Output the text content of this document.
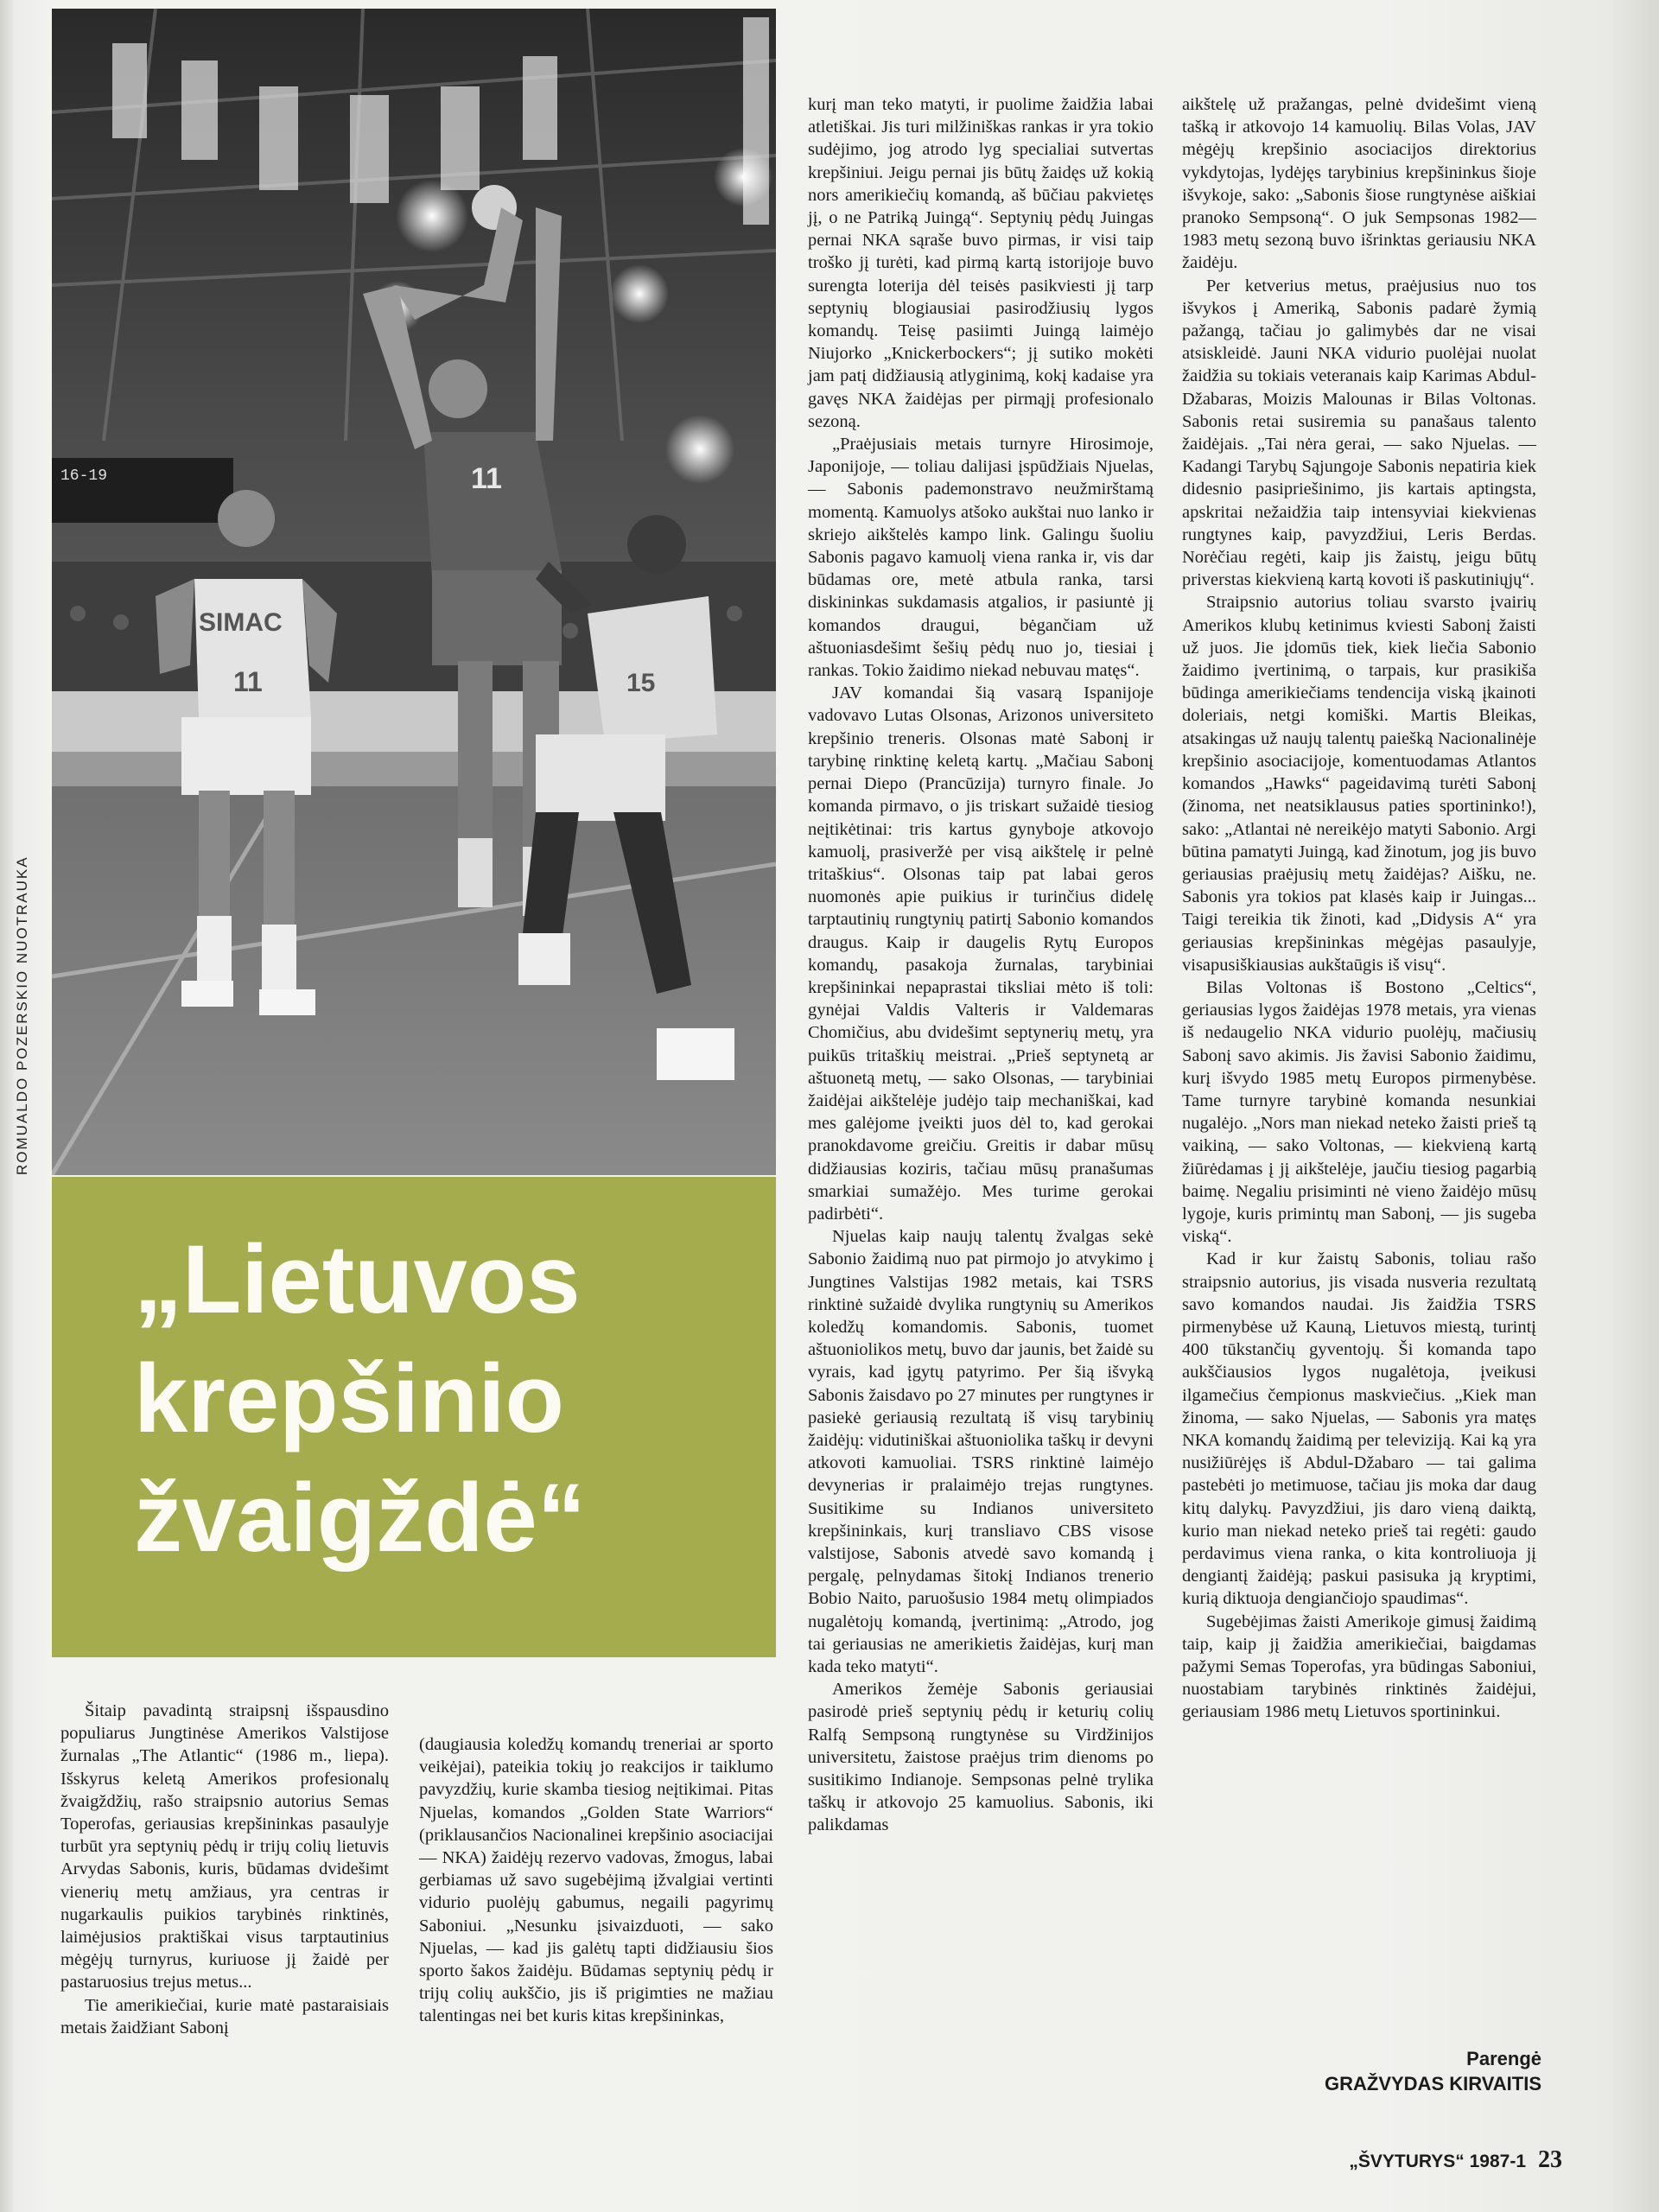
16-19
SIMAC
11
11
15
ROMUALDO POZERSKIO NUOTRAUKA
„Lietuvos
krepšinio
žvaigždė“

Šitaip pavadintą straipsnį išspausdino populiarus Jungtinėse Amerikos Valstijose žurnalas „The Atlantic“ (1986 m., liepa). Išskyrus keletą Amerikos profesionalų žvaigždžių, rašo straipsnio autorius Semas Toperofas, geriausias krepšininkas pasaulyje turbūt yra septynių pėdų ir trijų colių lietuvis Arvydas Sabonis, kuris, būdamas dvidešimt vienerių metų amžiaus, yra centras ir nugarkaulis puikios tarybinės rinktinės, laimėjusios praktiškai visus tarptautinius mėgėjų turnyrus, kuriuose jį žaidė per pastaruosius trejus metus...

Tie amerikiečiai, kurie matė pastaraisiais metais žaidžiant Sabonį

(daugiausia koledžų komandų treneriai ar sporto veikėjai), pateikia tokių jo reakcijos ir taiklumo pavyzdžių, kurie skamba tiesiog neįtikimai. Pitas Njuelas, komandos „Golden State Warriors“ (priklausančios Nacionalinei krepšinio asociacijai — NKA) žaidėjų rezervo vadovas, žmogus, labai gerbiamas už savo sugebėjimą įžvalgiai vertinti vidurio puolėjų gabumus, negaili pagyrimų Saboniui. „Nesunku įsivaizduoti, — sako Njuelas, — kad jis galėtų tapti didžiausiu šios sporto šakos žaidėju. Būdamas septynių pėdų ir trijų colių aukščio, jis iš prigimties ne mažiau talentingas nei bet kuris kitas krepšininkas,

kurį man teko matyti, ir puolime žaidžia labai atletiškai. Jis turi milžiniškas rankas ir yra tokio sudėjimo, jog atrodo lyg specialiai sutvertas krepšiniui. Jeigu pernai jis būtų žaidęs už kokią nors amerikiečių komandą, aš būčiau pakvietęs jį, o ne Patriką Juingą“. Septynių pėdų Juingas pernai NKA sąraše buvo pirmas, ir visi taip troško jį turėti, kad pirmą kartą istorijoje buvo surengta loterija dėl teisės pasikviesti jį tarp septynių blogiausiai pasirodžiusių lygos komandų. Teisę pasiimti Juingą laimėjo Niujorko „Knickerbockers“; jį sutiko mokėti jam patį didžiausią atlyginimą, kokį kadaise yra gavęs NKA žaidėjas per pirmąjį profesionalo sezoną.

„Praėjusiais metais turnyre Hirosimoje, Japonijoje, — toliau dalijasi įspūdžiais Njuelas, — Sabonis pademonstravo neužmirštamą momentą. Kamuolys atšoko aukštai nuo lanko ir skriejo aikštelės kampo link. Galingu šuoliu Sabonis pagavo kamuolį viena ranka ir, vis dar būdamas ore, metė atbula ranka, tarsi diskininkas sukdamasis atgalios, ir pasiuntė jį komandos draugui, bėgančiam už aštuoniasdešimt šešių pėdų nuo jo, tiesiai į rankas. Tokio žaidimo niekad nebuvau matęs“.

JAV komandai šią vasarą Ispanijoje vadovavo Lutas Olsonas, Arizonos universiteto krepšinio treneris. Olsonas matė Sabonį ir tarybinę rinktinę keletą kartų. „Mačiau Sabonį pernai Diepo (Prancūzija) turnyro finale. Jo komanda pirmavo, o jis triskart sužaidė tiesiog neįtikėtinai: tris kartus gynyboje atkovojo kamuolį, prasiveržė per visą aikštelę ir pelnė tritaškius“. Olsonas taip pat labai geros nuomonės apie puikius ir turinčius didelę tarptautinių rungtynių patirtį Sabonio komandos draugus. Kaip ir daugelis Rytų Europos komandų, pasakoja žurnalas, tarybiniai krepšininkai nepaprastai tiksliai mėto iš toli: gynėjai Valdis Valteris ir Valdemaras Chomičius, abu dvidešimt septynerių metų, yra puikūs tritaškių meistrai. „Prieš septynetą ar aštuonetą metų, — sako Olsonas, — tarybiniai žaidėjai aikštelėje judėjo taip mechaniškai, kad mes galėjome įveikti juos dėl to, kad gerokai pranokdavome greičiu. Greitis ir dabar mūsų didžiausias koziris, tačiau mūsų pranašumas smarkiai sumažėjo. Mes turime gerokai padirbėti“.

Njuelas kaip naujų talentų žvalgas sekė Sabonio žaidimą nuo pat pirmojo jo atvykimo į Jungtines Valstijas 1982 metais, kai TSRS rinktinė sužaidė dvylika rungtynių su Amerikos koledžų komandomis. Sabonis, tuomet aštuoniolikos metų, buvo dar jaunis, bet žaidė su vyrais, kad įgytų patyrimo. Per šią išvyką Sabonis žaisdavo po 27 minutes per rungtynes ir pasiekė geriausią rezultatą iš visų tarybinių žaidėjų: vidutiniškai aštuoniolika taškų ir devyni atkovoti kamuoliai. TSRS rinktinė laimėjo devynerias ir pralaimėjo trejas rungtynes. Susitikime su Indianos universiteto krepšininkais, kurį transliavo CBS visose valstijose, Sabonis atvedė savo komandą į pergalę, pelnydamas šitokį Indianos trenerio Bobio Naito, paruošusio 1984 metų olimpiados nugalėtojų komandą, įvertinimą: „Atrodo, jog tai geriausias ne amerikietis žaidėjas, kurį man kada teko matyti“.

Amerikos žemėje Sabonis geriausiai pasirodė prieš septynių pėdų ir keturių colių Ralfą Sempsoną rungtynėse su Virdžinijos universitetu, žaistose praėjus trim dienoms po susitikimo Indianoje. Sempsonas pelnė trylika taškų ir atkovojo 25 kamuolius. Sabonis, iki palikdamas

aikštelę už pražangas, pelnė dvidešimt vieną tašką ir atkovojo 14 kamuolių. Bilas Volas, JAV mėgėjų krepšinio asociacijos direktorius vykdytojas, lydėjęs tarybinius krepšininkus šioje išvykoje, sako: „Sabonis šiose rungtynėse aiškiai pranoko Sempsoną“. O juk Sempsonas 1982—1983 metų sezoną buvo išrinktas geriausiu NKA žaidėju.

Per ketverius metus, praėjusius nuo tos išvykos į Ameriką, Sabonis padarė žymią pažangą, tačiau jo galimybės dar ne visai atsiskleidė. Jauni NKA vidurio puolėjai nuolat žaidžia su tokiais veteranais kaip Karimas Abdul-Džabaras, Moizis Malounas ir Bilas Voltonas. Sabonis retai susiremia su panašaus talento žaidėjais. „Tai nėra gerai, — sako Njuelas. — Kadangi Tarybų Sąjungoje Sabonis nepatiria kiek didesnio pasipriešinimo, jis kartais aptingsta, apskritai nežaidžia taip intensyviai kiekvienas rungtynes kaip, pavyzdžiui, Leris Berdas. Norėčiau regėti, kaip jis žaistų, jeigu būtų priverstas kiekvieną kartą kovoti iš paskutiniųjų“.

Straipsnio autorius toliau svarsto įvairių Amerikos klubų ketinimus kviesti Sabonį žaisti už juos. Jie įdomūs tiek, kiek liečia Sabonio žaidimo įvertinimą, o tarpais, kur prasikiša būdinga amerikiečiams tendencija viską įkainoti doleriais, netgi komiški. Martis Bleikas, atsakingas už naujų talentų paiešką Nacionalinėje krepšinio asociacijoje, komentuodamas Atlantos komandos „Hawks“ pageidavimą turėti Sabonį (žinoma, net neatsiklausus paties sportininko!), sako: „Atlantai nė nereikėjo matyti Sabonio. Argi būtina pamatyti Juingą, kad žinotum, jog jis buvo geriausias praėjusių metų žaidėjas? Aišku, ne. Sabonis yra tokios pat klasės kaip ir Juingas... Taigi tereikia tik žinoti, kad „Didysis A“ yra geriausias krepšininkas mėgėjas pasaulyje, visapusiškiausias aukštaūgis iš visų“.

Bilas Voltonas iš Bostono „Celtics“, geriausias lygos žaidėjas 1978 metais, yra vienas iš nedaugelio NKA vidurio puolėjų, mačiusių Sabonį savo akimis. Jis žavisi Sabonio žaidimu, kurį išvydo 1985 metų Europos pirmenybėse. Tame turnyre tarybinė komanda nesunkiai nugalėjo. „Nors man niekad neteko žaisti prieš tą vaikiną, — sako Voltonas, — kiekvieną kartą žiūrėdamas į jį aikštelėje, jaučiu tiesiog pagarbią baimę. Negaliu prisiminti nė vieno žaidėjo mūsų lygoje, kuris primintų man Sabonį, — jis sugeba viską“.

Kad ir kur žaistų Sabonis, toliau rašo straipsnio autorius, jis visada nusveria rezultatą savo komandos naudai. Jis žaidžia TSRS pirmenybėse už Kauną, Lietuvos miestą, turintį 400 tūkstančių gyventojų. Ši komanda tapo aukščiausios lygos nugalėtoja, įveikusi ilgamečius čempionus maskviečius. „Kiek man žinoma, — sako Njuelas, — Sabonis yra matęs NKA komandų žaidimą per televiziją. Kai ką yra nusižiūrėjęs iš Abdul-Džabaro — tai galima pastebėti jo metimuose, tačiau jis moka dar daug kitų dalykų. Pavyzdžiui, jis daro vieną daiktą, kurio man niekad neteko prieš tai regėti: gaudo perdavimus viena ranka, o kita kontroliuoja jį dengiantį žaidėją; paskui pasisuka ją kryptimi, kurią diktuoja dengiančiojo spaudimas“.

Sugebėjimas žaisti Amerikoje gimusį žaidimą taip, kaip jį žaidžia amerikiečiai, baigdamas pažymi Semas Toperofas, yra būdingas Saboniui, nuostabiam tarybinės rinktinės žaidėjui, geriausiam 1986 metų Lietuvos sportininkui.

Parengė
GRAŽVYDAS KIRVAITIS
„ŠVYTURYS“ 1987-1 23
